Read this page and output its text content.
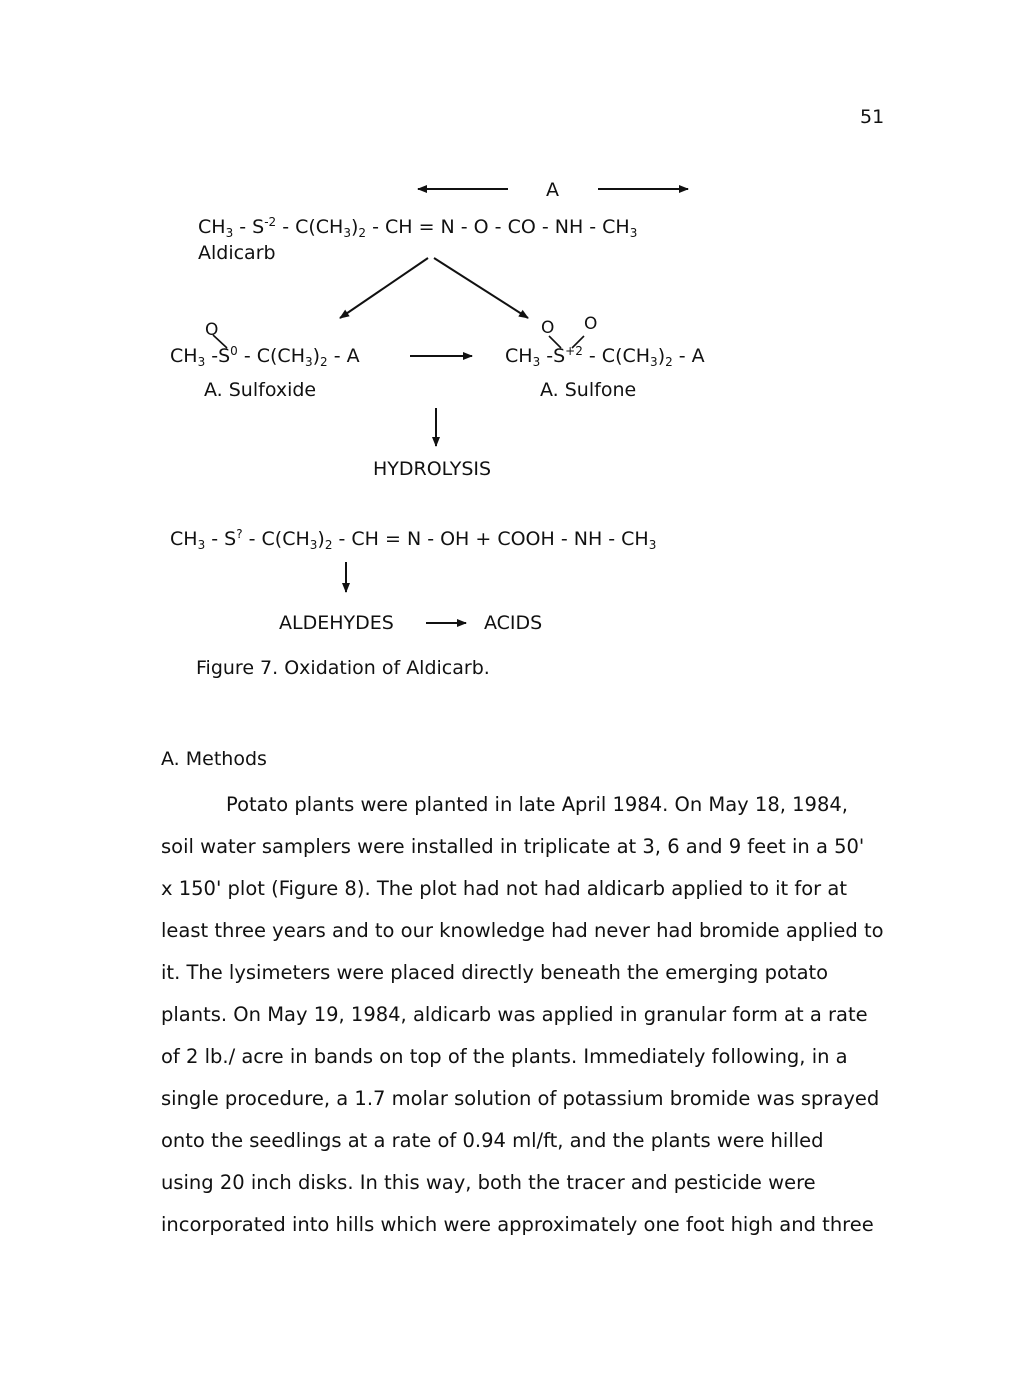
51
A
$CH_3 - S^{-2} - C(CH_3)_2$ - CH = N - O - CO - NH - $CH_3$
Aldicarb
O
$CH_3$ $-S^0 - C(CH_3)_2$ - A
A. Sulfoxide
O O
$CH_3$ $-S^{+2} - C(CH_3)_2$ - A
A. Sulfone
HYDROLYSIS
$CH_3 - S^? - C(CH_3)_2$ - CH = N - OH + COOH - NH - $CH_3$
ALDEHYDES	ACIDS
Figure 7. Oxidation of Aldicarb.
A. Methods
Potato plants were planted in late April 1984. On May 18, 1984,
soil water samplers were installed in triplicate at 3, 6 and 9 feet in a 50'
x 150' plot (Figure 8). The plot had not had aldicarb applied to it for at
least three years and to our knowledge had never had bromide applied to
it. The lysimeters were placed directly beneath the emerging potato
plants. On May 19, 1984, aldicarb was applied in granular form at a rate
of 2 lb./ acre in bands on top of the plants. Immediately following, in a
single procedure, a 1.7 molar solution of potassium bromide was sprayed
onto the seedlings at a rate of 0.94 ml/ft, and the plants were hilled
using 20 inch disks. In this way, both the tracer and pesticide were
incorporated into hills which were approximately one foot high and three
